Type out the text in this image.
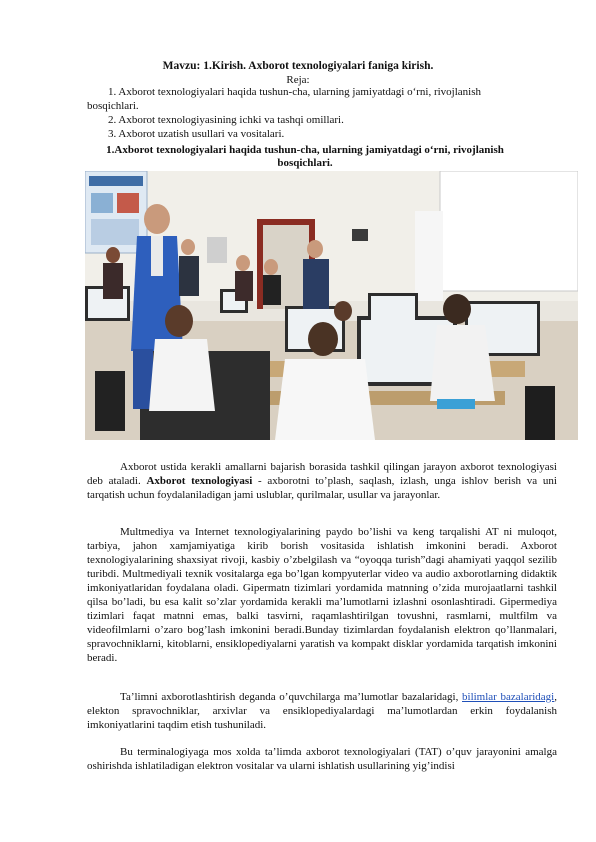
Mavzu: 1.Kirish. Axborot texnologiyalari faniga kirish.
Reja:
1. Axborot texnologiyalari haqida tushun-cha, ularning jamiyatdagi o‘rni, rivojlanish bosqichlari.
2. Axborot texnologiyasining ichki va tashqi omillari.
3. Axborot uzatish usullari va vositalari.
1.Axborot texnologiyalari haqida tushun-cha, ularning jamiyatdagi o‘rni, rivojlanish bosqichlari.
Axborot ustida kerakli amallarni bajarish borasida tashkil qilingan jarayon axborot texnologiyasi deb ataladi. Axborot texnologiyasi - axborotni to’plash, saqlash, izlash, unga ishlov berish va uni tarqatish uchun foydalaniladigan jami uslublar, qurilmalar, usullar va jarayonlar.
Multmediya va Internet texnologiyalarining paydo bo’lishi va keng tarqalishi AT ni muloqot, tarbiya, jahon xamjamiyatiga kirib borish vositasida ishlatish imkonini beradi. Axborot texnologiyalarining shaxsiyat rivoji, kasbiy o’zbelgilash va “oyoqqa turish”dagi ahamiyati yaqqol sezilib turibdi. Multmediyali texnik vositalarga ega bo’lgan kompyuterlar video va audio axborotlarning didaktik imkoniyatlaridan foydalana oladi. Gipermatn tizimlari yordamida matnning o’zida murojaatlarni tashkil qilsa bo’ladi, bu esa kalit so’zlar yordamida kerakli ma’lumotlarni izlashni osonlashtiradi. Gipermediya tizimlari faqat matnni emas, balki tasvirni, raqamlashtirilgan tovushni, rasmlarni, multfilm va videofilmlarni o’zaro bog’lash imkonini beradi.Bunday tizimlardan foydalanish elektron qo’llanmalari, spravochniklarni, kitoblarni, ensiklopediyalarni yaratish va kompakt disklar yordamida tarqatish imkonini beradi.
Ta’limni axborotlashtirish deganda o’quvchilarga ma’lumotlar bazalaridagi, bilimlar bazalaridagi, elekton spravochniklar, arxivlar va ensiklopediyalardagi ma’lumotlardan erkin foydalanish imkoniyatlarini taqdim etish tushuniladi.
Bu terminalogiyaga mos xolda ta’limda axborot texnologiyalari (TAT) o’quv jarayonini amalga oshirishda ishlatiladigan elektron vositalar va ularni ishlatish usullarining yig’indisi
